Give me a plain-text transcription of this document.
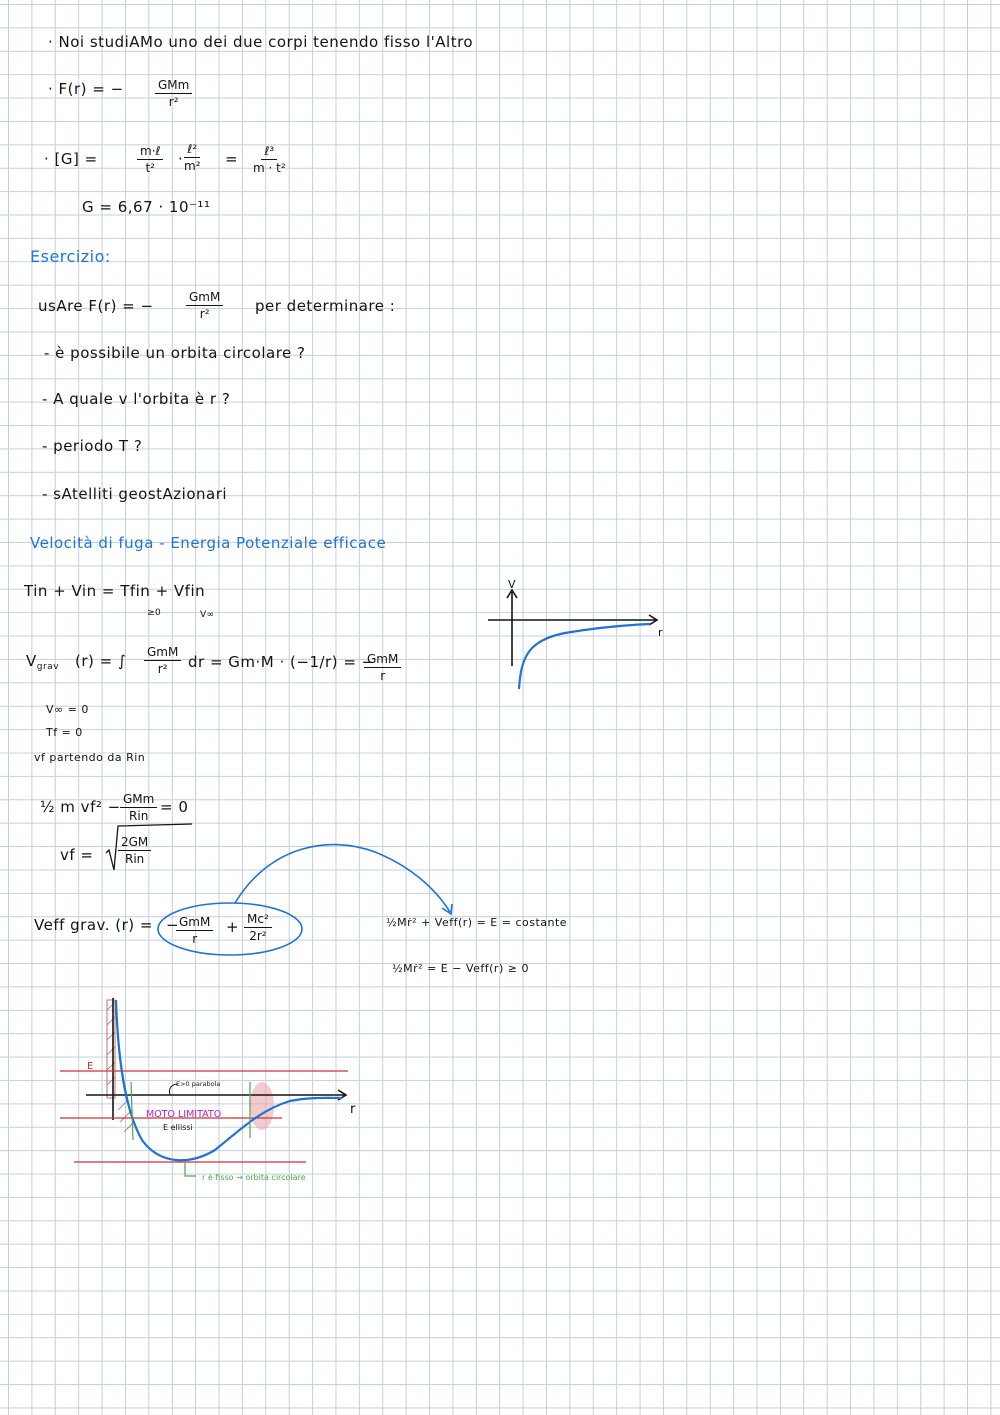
· Noi studiAMo uno dei due corpi tenendo fisso l'Altro
· F(r) = −	GMm
r²
· [G] =	m·ℓ
t² ·
ℓ²
m² = ℓ³
m · t²
G = 6,67 · 10⁻¹¹
Esercizio:
usAre F(r) = −	GmM
r²	per determinare :
- è possibile un orbita circolare ?
- A quale v l'orbita è r ?
- periodo T ?
- sAtelliti geostAzionari
Velocità di fuga - Energia Potenziale efficace
Tin + Vin = Tfin + Vfin
≥0	V∞
$V_{grav}$ (r) = ∫ GmM
r² dr = Gm·M · (−1/r) = −
GmM
r
V∞ = 0
Tf = 0
vf partendo da Rin
½ m vf² − GMm
Rin = 0
vf =
2GM
Rin
Veff grav. (r) = − GmM
r
+ $\frac{\text{Mc²}}{\text{2r²}}$	½Mṙ² + Veff(r) = E = costante
½Mṙ² = E − Veff(r) ≥ 0
V
r
r
E
E>0 parabola
MOTO LIMITATO
E ellissi
r è fisso → orbita circolare
